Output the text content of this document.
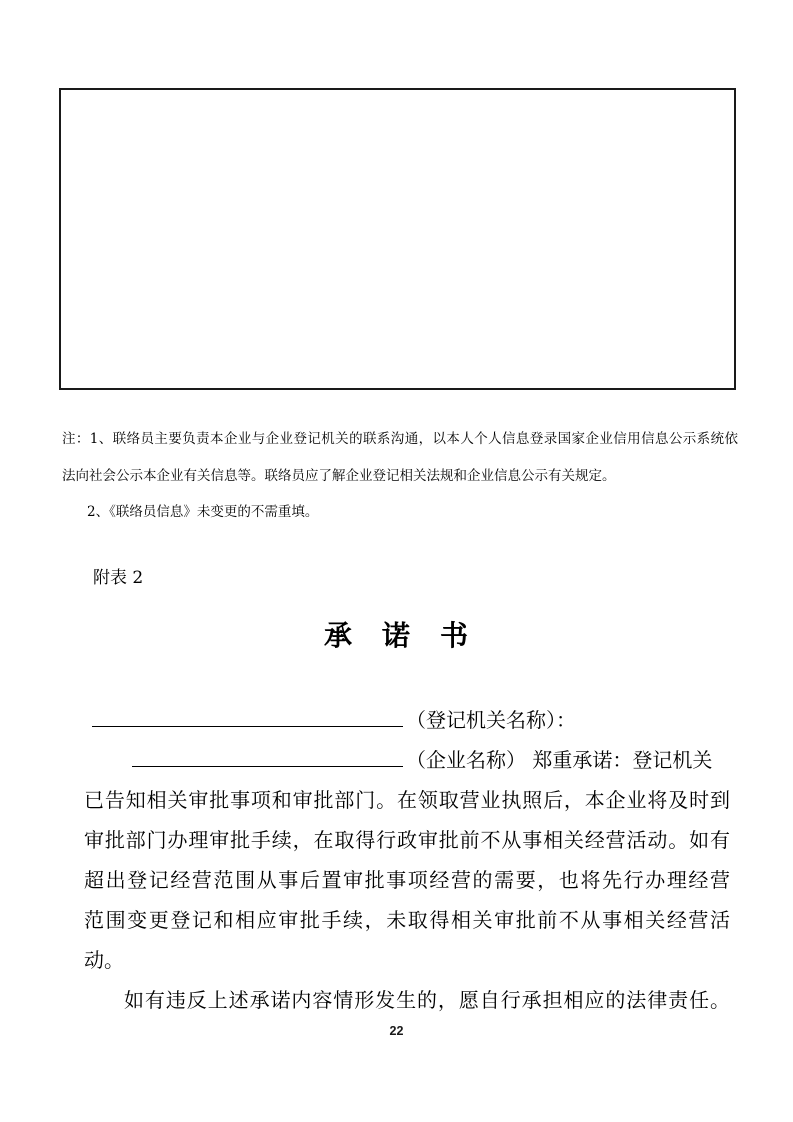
注：1、联络员主要负责本企业与企业登记机关的联系沟通，以本人个人信息登录国家企业信用信息公示系统依
法向社会公示本企业有关信息等。联络员应了解企业登记相关法规和企业信息公示有关规定。
2、《联络员信息》未变更的不需重填。
附表 2
承　诺　书
（登记机关名称）：
（企业名称） 郑重承诺：登记机关
已告知相关审批事项和审批部门。在领取营业执照后，本企业将及时到
审批部门办理审批手续，在取得行政审批前不从事相关经营活动。如有
超出登记经营范围从事后置审批事项经营的需要，也将先行办理经营
范围变更登记和相应审批手续，未取得相关审批前不从事相关经营活
动。
如有违反上述承诺内容情形发生的，愿自行承担相应的法律责任。
22
